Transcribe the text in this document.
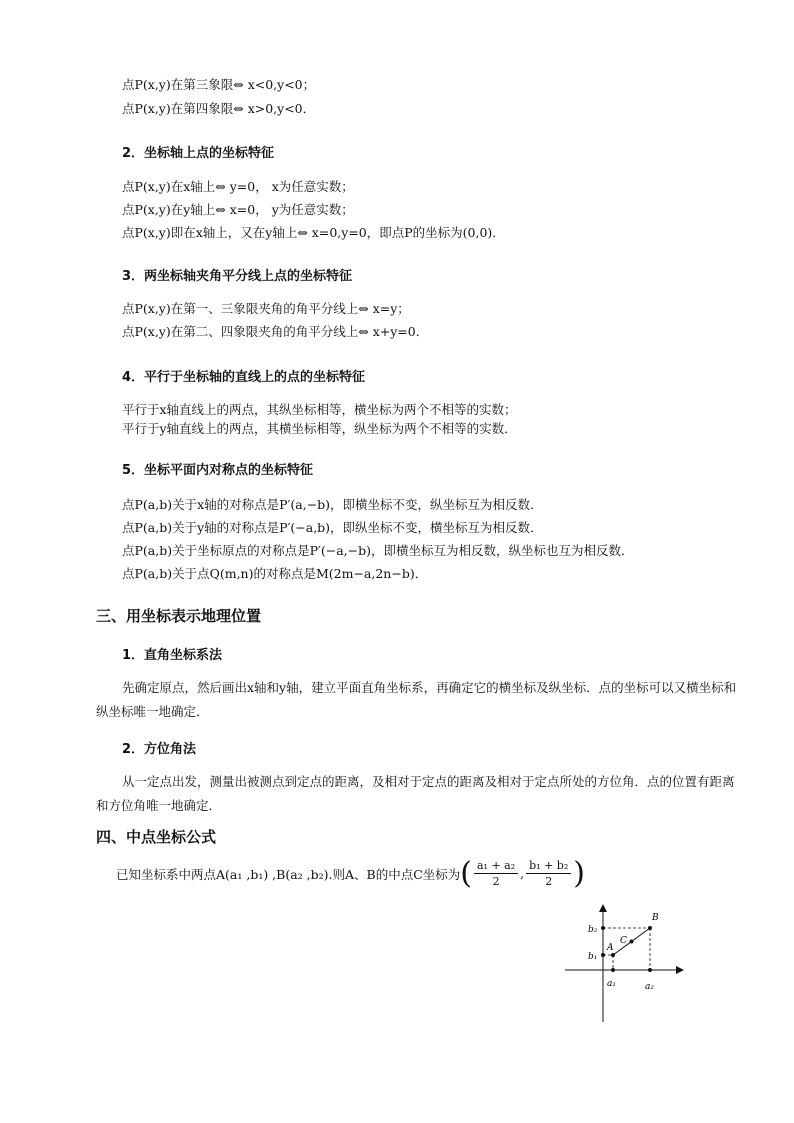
点P(x,y)在第三象限⇔ x<0,y<0；
点P(x,y)在第四象限⇔ x>0,y<0．
2．坐标轴上点的坐标特征
点P(x,y)在x轴上⇔ y=0， x为任意实数；
点P(x,y)在y轴上⇔ x=0， y为任意实数；
点P(x,y)即在x轴上，又在y轴上⇔ x=0,y=0，即点P的坐标为(0,0)．
3．两坐标轴夹角平分线上点的坐标特征
点P(x,y)在第一、三象限夹角的角平分线上⇔ x=y；
点P(x,y)在第二、四象限夹角的角平分线上⇔ x+y=0．
4．平行于坐标轴的直线上的点的坐标特征
平行于x轴直线上的两点，其纵坐标相等，横坐标为两个不相等的实数；
平行于y轴直线上的两点，其横坐标相等，纵坐标为两个不相等的实数．
5．坐标平面内对称点的坐标特征
点P(a,b)关于x轴的对称点是P′(a,−b)，即横坐标不变，纵坐标互为相反数．
点P(a,b)关于y轴的对称点是P′(−a,b)，即纵坐标不变，横坐标互为相反数．
点P(a,b)关于坐标原点的对称点是P′(−a,−b)，即横坐标互为相反数，纵坐标也互为相反数．
点P(a,b)关于点Q(m,n)的对称点是M(2m−a,2n−b)．
三、用坐标表示地理位置
1．直角坐标系法
先确定原点，然后画出x轴和y轴，建立平面直角坐标系，再确定它的横坐标及纵坐标．点的坐标可以又横坐标和纵坐标唯一地确定．
2．方位角法
从一定点出发，测量出被测点到定点的距离，及相对于定点的距离及相对于定点所处的方位角．点的位置有距离和方位角唯一地确定．
四、中点坐标公式
已知坐标系中两点A(a₁ ,b₁) ,B(a₂ ,b₂).则A、B的中点C坐标为 ( $\frac{\text{a₁ + a₂}}{2}$ , $\frac{\text{b₁ + b₂}}{2}$ )
B
A
C
b₂
b₁
a₁	a₂
